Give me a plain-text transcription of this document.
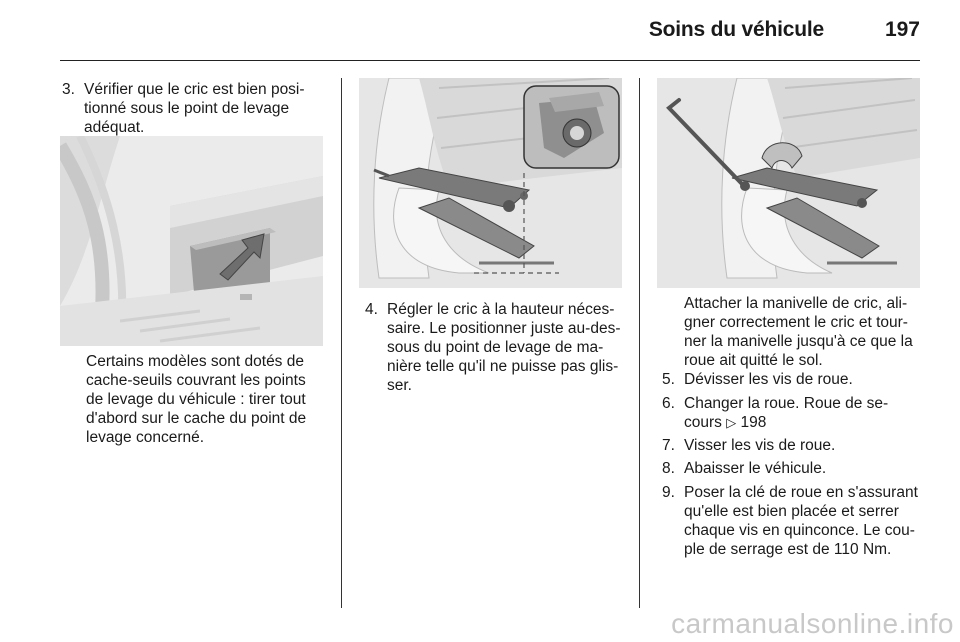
Soins du véhicule	197
3. Vérifier que le cric est bien posi-
tionné sous le point de levage
adéquat.
Certains modèles sont dotés de
cache-seuils couvrant les points
de levage du véhicule : tirer tout
d'abord sur le cache du point de
levage concerné.
4. Régler le cric à la hauteur néces-
saire. Le positionner juste au-des-
sous du point de levage de ma-
nière telle qu'il ne puisse pas glis-
ser.
Attacher la manivelle de cric, ali-
gner correctement le cric et tour-
ner la manivelle jusqu'à ce que la
roue ait quitté le sol.
5. Dévisser les vis de roue.
6. Changer la roue. Roue de se-
cours ▷ 198
7. Visser les vis de roue.
8. Abaisser le véhicule.
9. Poser la clé de roue en s'assurant
qu'elle est bien placée et serrer
chaque vis en quinconce. Le cou-
ple de serrage est de 110 Nm.
carmanualsonline.info
